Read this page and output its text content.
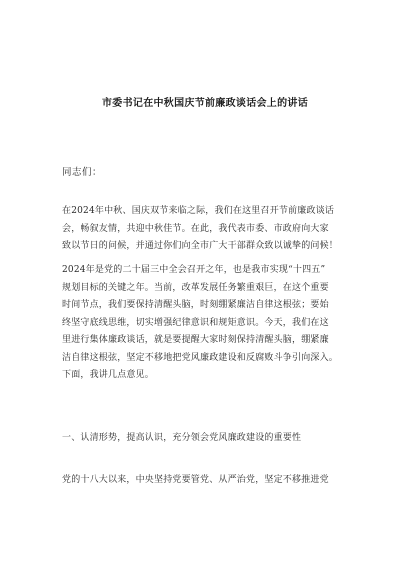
市委书记在中秋国庆节前廉政谈话会上的讲话
同志们：
在2024年中秋、国庆双节来临之际，我们在这里召开节前廉政谈话
会，畅叙友情，共迎中秋佳节。在此，我代表市委、市政府向大家
致以节日的问候，并通过你们向全市广大干部群众致以诚挚的问候！
2024年是党的二十届三中全会召开之年，也是我市实现“十四五”
规划目标的关键之年。当前，改革发展任务繁重艰巨，在这个重要
时间节点，我们要保持清醒头脑，时刻绷紧廉洁自律这根弦；要始
终坚守底线思维，切实增强纪律意识和规矩意识。今天，我们在这
里进行集体廉政谈话，就是要提醒大家时刻保持清醒头脑，绷紧廉
洁自律这根弦，坚定不移地把党风廉政建设和反腐败斗争引向深入。
下面，我讲几点意见。
一、认清形势，提高认识，充分领会党风廉政建设的重要性
党的十八大以来，中央坚持党要管党、从严治党，坚定不移推进党
